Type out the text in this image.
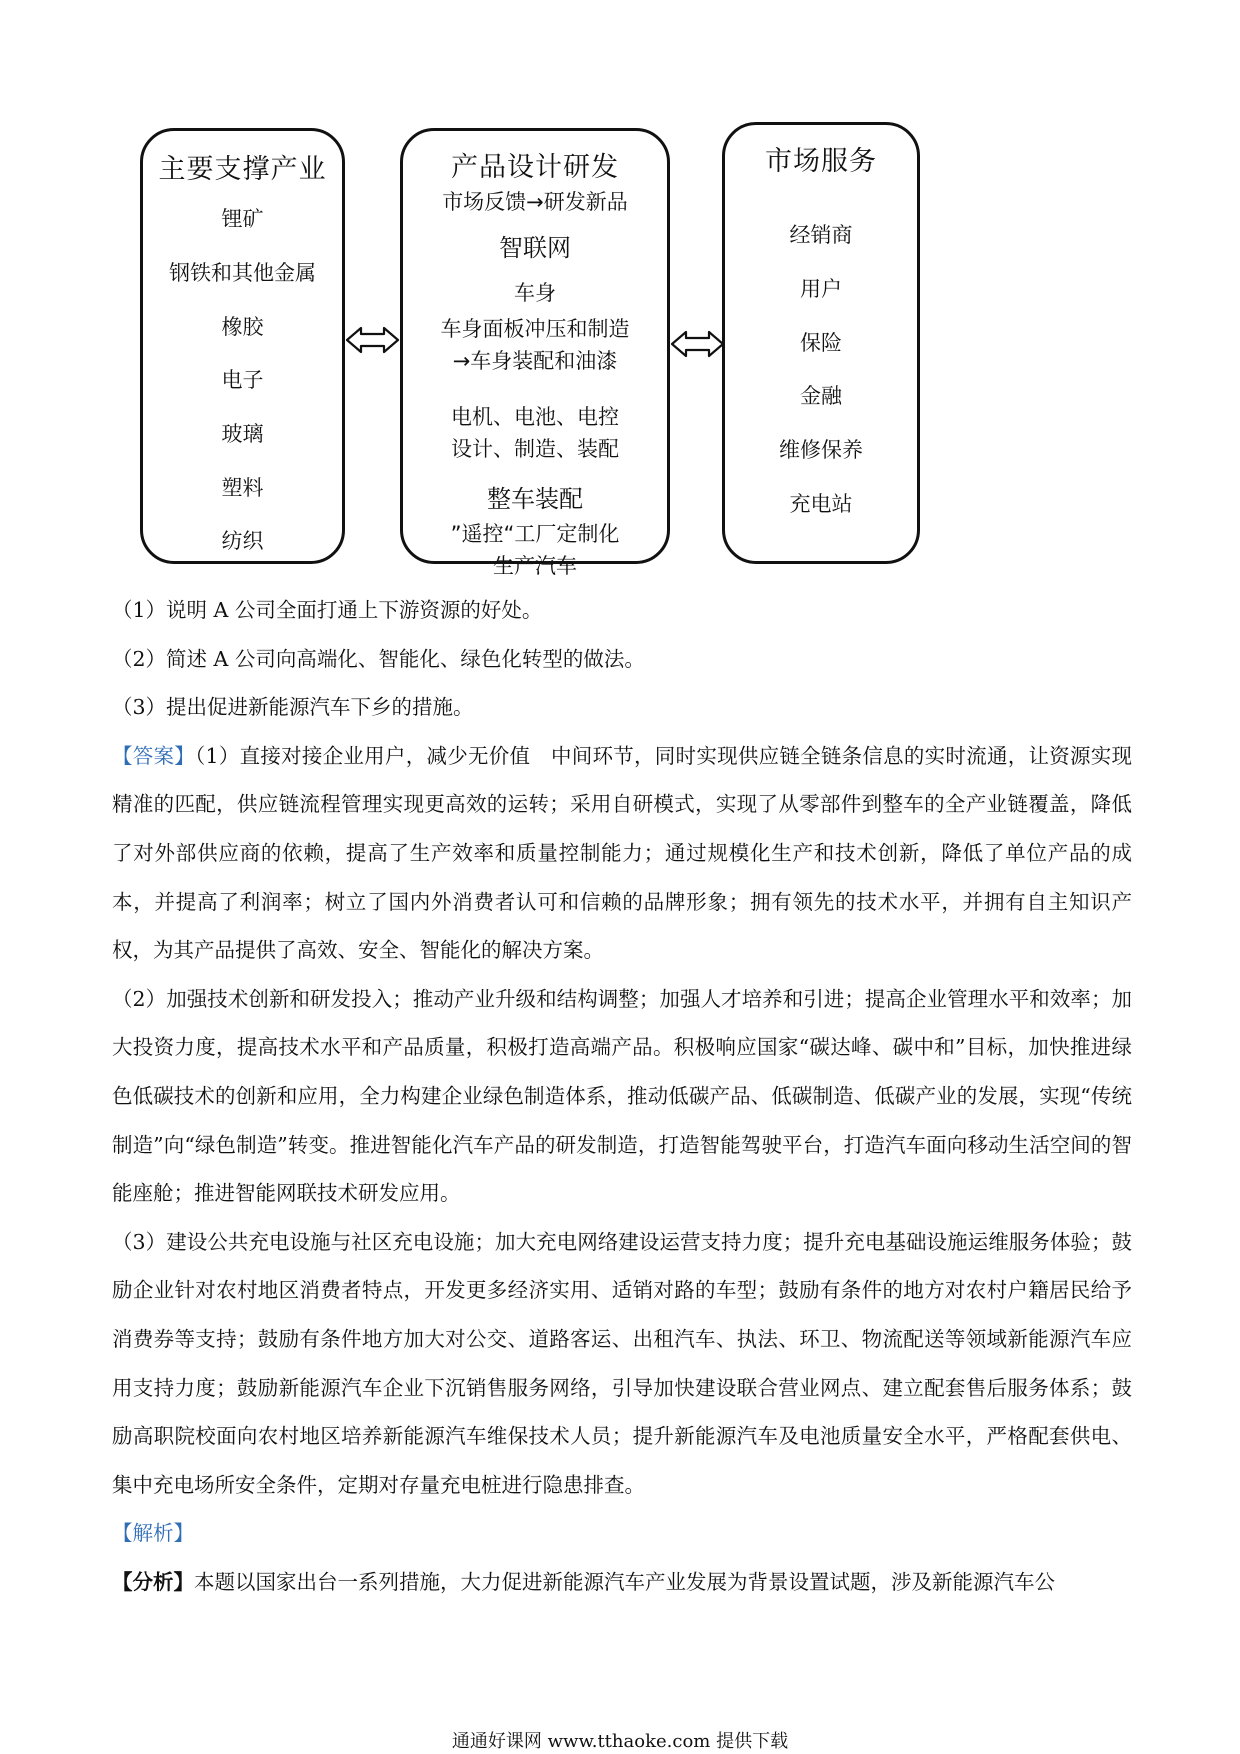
主要支撑产业
锂矿
钢铁和其他金属
橡胶
电子
玻璃
塑料
纺织
产品设计研发
市场反馈→研发新品
智联网
车身
车身面板冲压和制造
→车身装配和油漆
电机、电池、电控
设计、制造、装配
整车装配
”遥控“工厂定制化
生产汽车
市场服务
经销商
用户
保险
金融
维修保养
充电站

（1）说明 A 公司全面打通上下游资源的好处。

（2）简述 A 公司向高端化、智能化、绿色化转型的做法。

（3）提出促进新能源汽车下乡的措施。

【答案】（1）直接对接企业用户，减少无价值　中间环节，同时实现供应链全链条信息的实时流通，让资源实现精准的匹配，供应链流程管理实现更高效的运转；采用自研模式，实现了从零部件到整车的全产业链覆盖，降低了对外部供应商的依赖，提高了生产效率和质量控制能力；通过规模化生产和技术创新，降低了单位产品的成本，并提高了利润率；树立了国内外消费者认可和信赖的品牌形象；拥有领先的技术水平，并拥有自主知识产权，为其产品提供了高效、安全、智能化的解决方案。

（2）加强技术创新和研发投入；推动产业升级和结构调整；加强人才培养和引进；提高企业管理水平和效率；加大投资力度，提高技术水平和产品质量，积极打造高端产品。积极响应国家“碳达峰、碳中和”目标，加快推进绿色低碳技术的创新和应用，全力构建企业绿色制造体系，推动低碳产品、低碳制造、低碳产业的发展，实现“传统制造”向“绿色制造”转变。推进智能化汽车产品的研发制造，打造智能驾驶平台，打造汽车面向移动生活空间的智能座舱；推进智能网联技术研发应用。

（3）建设公共充电设施与社区充电设施；加大充电网络建设运营支持力度；提升充电基础设施运维服务体验；鼓励企业针对农村地区消费者特点，开发更多经济实用、适销对路的车型；鼓励有条件的地方对农村户籍居民给予消费券等支持；鼓励有条件地方加大对公交、道路客运、出租汽车、执法、环卫、物流配送等领域新能源汽车应用支持力度；鼓励新能源汽车企业下沉销售服务网络，引导加快建设联合营业网点、建立配套售后服务体系；鼓励高职院校面向农村地区培养新能源汽车维保技术人员；提升新能源汽车及电池质量安全水平，严格配套供电、集中充电场所安全条件，定期对存量充电桩进行隐患排查。

【解析】

【分析】本题以国家出台一系列措施，大力促进新能源汽车产业发展为背景设置试题，涉及新能源汽车公

通通好课网 www.tthaoke.com 提供下载
